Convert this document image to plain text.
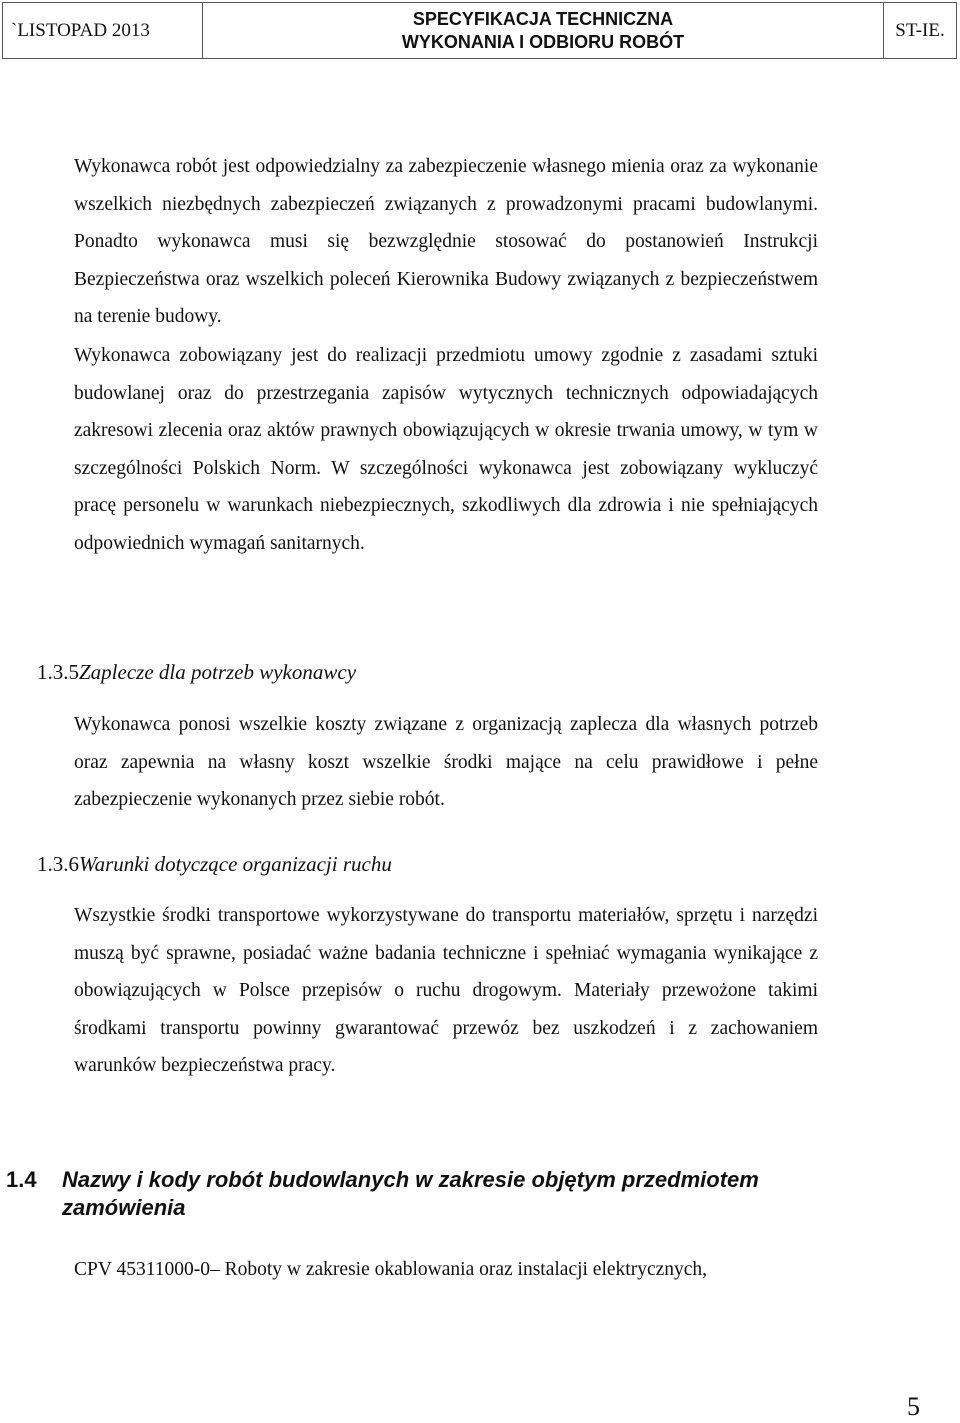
`LISTOPAD 2013
SPECYFIKACJA TECHNICZNA
WYKONANIA I ODBIORU ROBÓT
ST-IE.

Wykonawca robót jest odpowiedzialny za zabezpieczenie własnego mienia oraz za wykonanie wszelkich niezbędnych zabezpieczeń związanych z prowadzonymi pracami budowlanymi. Ponadto wykonawca musi się bezwzględnie stosować do postanowień Instrukcji Bezpieczeństwa oraz wszelkich poleceń Kierownika Budowy związanych z bezpieczeństwem na terenie budowy.

Wykonawca zobowiązany jest do realizacji przedmiotu umowy zgodnie z zasadami sztuki budowlanej oraz do przestrzegania zapisów wytycznych technicznych odpowiadających zakresowi zlecenia oraz aktów prawnych obowiązujących w okresie trwania umowy, w tym w szczególności Polskich Norm. W szczególności wykonawca jest zobowiązany wykluczyć pracę personelu w warunkach niebezpiecznych, szkodliwych dla zdrowia i nie spełniających odpowiednich wymagań sanitarnych.

1.3.5Zaplecze dla potrzeb wykonawcy

Wykonawca ponosi wszelkie koszty związane z organizacją zaplecza dla własnych potrzeb oraz zapewnia na własny koszt wszelkie środki mające na celu prawidłowe i pełne zabezpieczenie wykonanych przez siebie robót.

1.3.6Warunki dotyczące organizacji ruchu

Wszystkie środki transportowe wykorzystywane do transportu materiałów, sprzętu i narzędzi muszą być sprawne, posiadać ważne badania techniczne i spełniać wymagania wynikające z obowiązujących w Polsce przepisów o ruchu drogowym. Materiały przewożone takimi środkami transportu powinny gwarantować przewóz bez uszkodzeń i z zachowaniem warunków bezpieczeństwa pracy.

1.4 Nazwy i kody robót budowlanych w zakresie objętym przedmiotem
zamówienia

CPV 45311000-0– Roboty w zakresie okablowania oraz instalacji elektrycznych,

5
